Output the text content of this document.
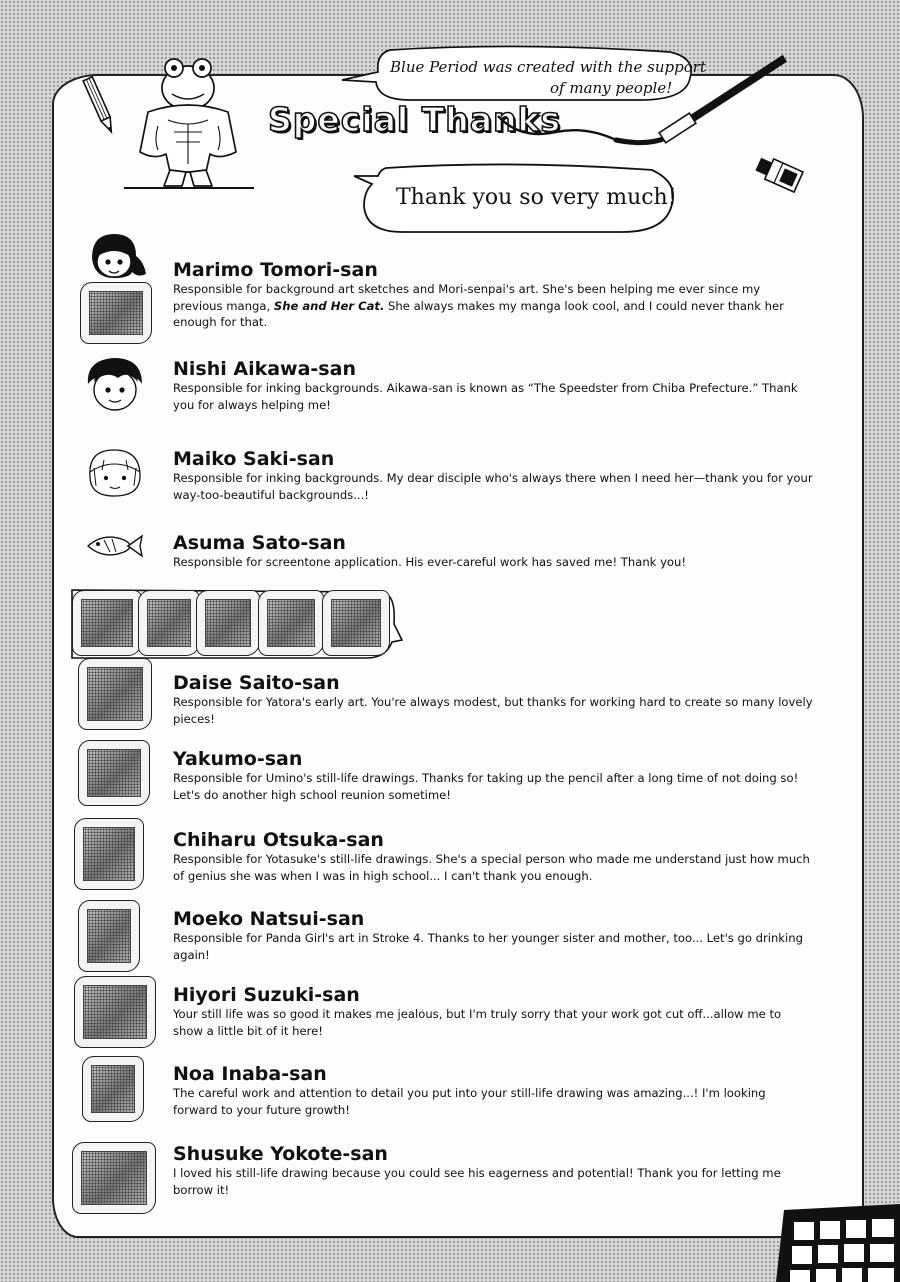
Special Thanks
Blue Period was created with the support
of many people!
Thank you so very much!

Marimo Tomori-san

Responsible for background art sketches and Mori-senpai's art. She's been helping me ever since my previous manga, She and Her Cat. She always makes my manga look cool, and I could never thank her enough for that.

Nishi Aikawa-san

Responsible for inking backgrounds. Aikawa-san is known as “The Speedster from Chiba Prefecture.” Thank you for always helping me!

Maiko Saki-san

Responsible for inking backgrounds. My dear disciple who's always there when I need her—thank you for your way-too-beautiful backgrounds...!

Asuma Sato-san

Responsible for screentone application. His ever-careful work has saved me! Thank you!

Daise Saito-san

Responsible for Yatora's early art. You're always modest, but thanks for working hard to create so many lovely pieces!

Yakumo-san

Responsible for Umino's still-life drawings. Thanks for taking up the pencil after a long time of not doing so! Let's do another high school reunion sometime!

Chiharu Otsuka-san

Responsible for Yotasuke's still-life drawings. She's a special person who made me understand just how much of genius she was when I was in high school... I can't thank you enough.

Moeko Natsui-san

Responsible for Panda Girl's art in Stroke 4. Thanks to her younger sister and mother, too... Let's go drinking again!

Hiyori Suzuki-san

Your still life was so good it makes me jealous, but I'm truly sorry that your work got cut off...allow me to show a little bit of it here!

Noa Inaba-san

The careful work and attention to detail you put into your still-life drawing was amazing...! I'm looking forward to your future growth!

Shusuke Yokote-san

I loved his still-life drawing because you could see his eagerness and potential! Thank you for letting me borrow it!
